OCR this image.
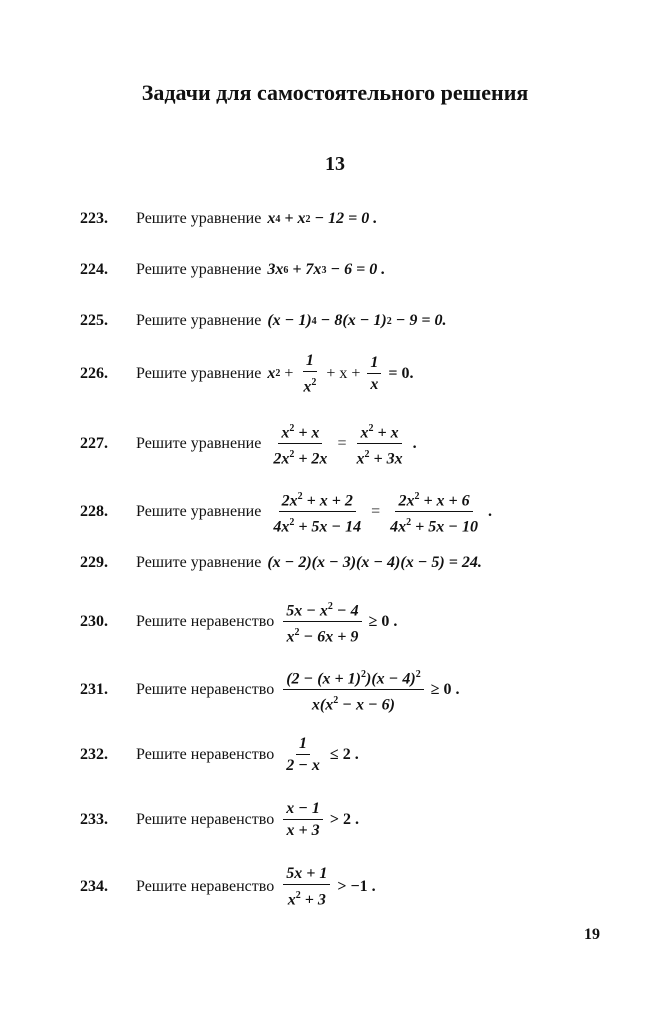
Задачи для самостоятельного решения
13
223.	Решите уравнение x 4 + x 2 − 12 = 0 .
224.	Решите уравнение 3x 6 + 7x 3 − 6 = 0 .
225.	Решите уравнение (x − 1) 4 − 8(x − 1) 2 − 9 = 0.
226.	Решите уравнение x $2 + \frac{1}{x^2} + x + \frac{1}{x} = 0$.
227.	Решите уравнение $\frac{x^2 + x}{2x^2 + 2x} = \frac{x^2 + x}{x^2 + 3x}$ .
228.	Решите уравнение $\frac{2x^2 + x + 2}{4x^2 + 5x - 14} = \frac{2x^2 + x + 6}{4x^2 + 5x - 10}$ .
229.	Решите уравнение (x − 2)(x − 3)(x − 4)(x − 5) = 24.
230.	Решите неравенство $\frac{5x - x^2 - 4}{x^2 - 6x + 9} \ge 0$ .
231.	Решите неравенство $\frac{(2 - (x + 1)^2)(x - 4)^2}{x(x^2 - x - 6)} \ge 0$ .
232.	Решите неравенство $\frac{1}{2 - x} \le 2$ .
233.	Решите неравенство $\frac{x - 1}{x + 3} > 2$ .
234.	Решите неравенство $\frac{5x + 1}{x^2 + 3} > -1$ .
19
